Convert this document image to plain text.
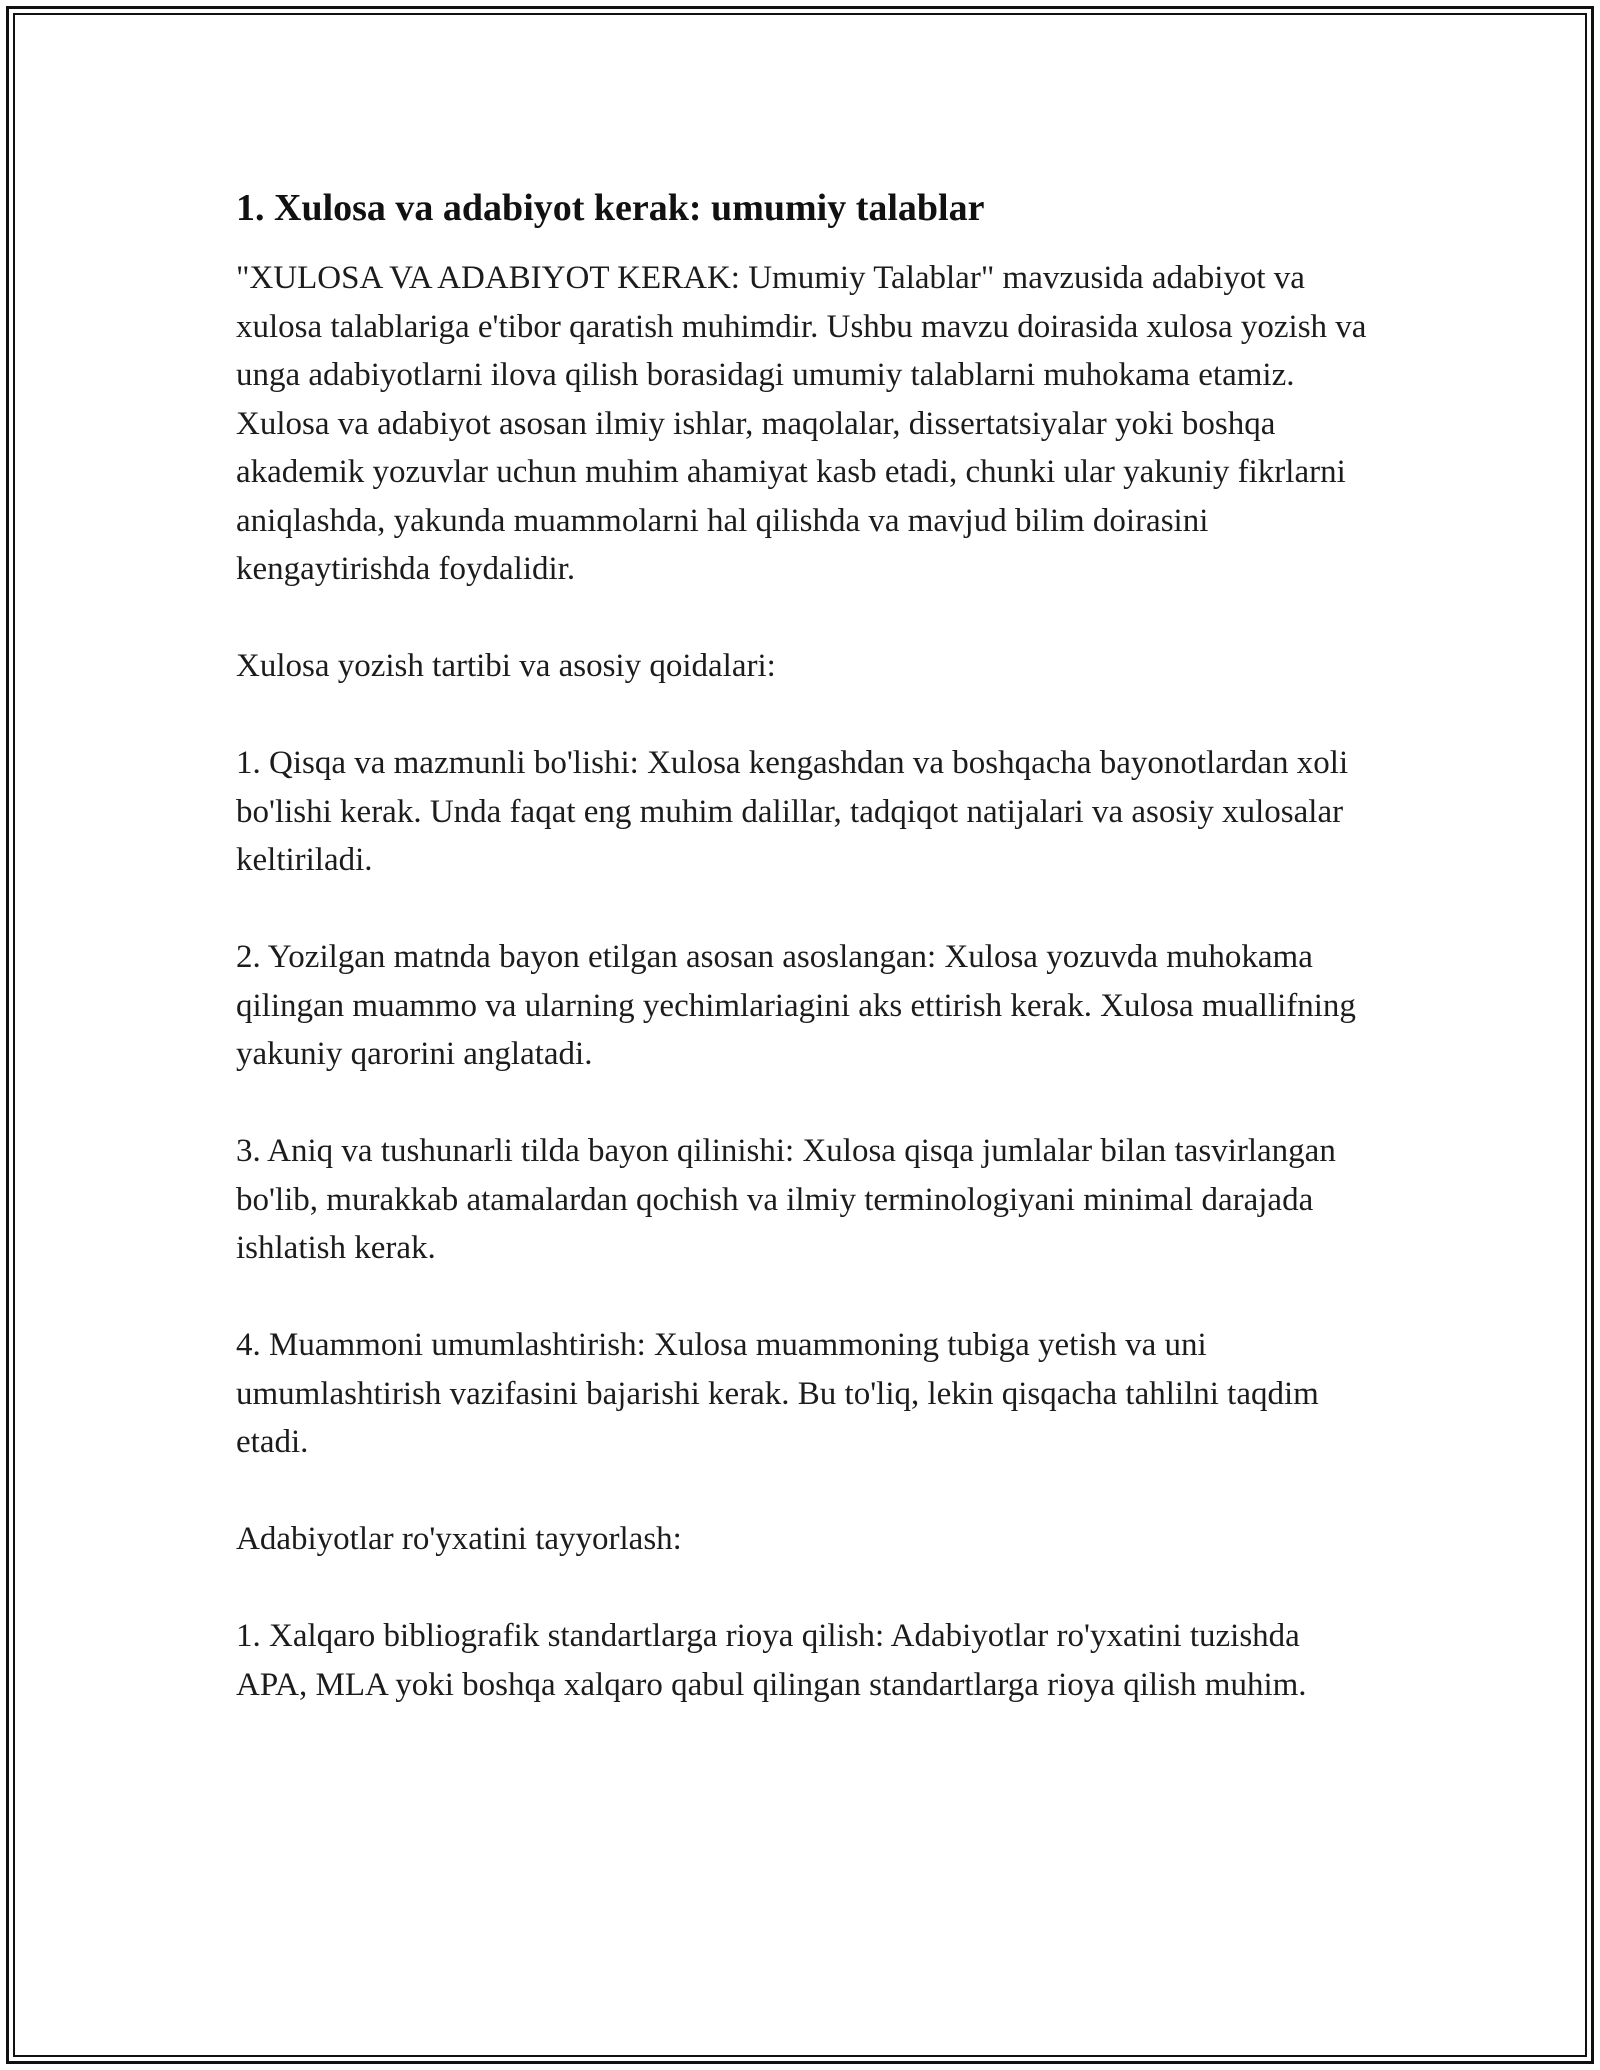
1. Xulosa va adabiyot kerak: umumiy talablar

"XULOSA VA ADABIYOT KERAK: Umumiy Talablar" mavzusida adabiyot va xulosa talablariga e'tibor qaratish muhimdir. Ushbu mavzu doirasida xulosa yozish va unga adabiyotlarni ilova qilish borasidagi umumiy talablarni muhokama etamiz. Xulosa va adabiyot asosan ilmiy ishlar, maqolalar, dissertatsiyalar yoki boshqa akademik yozuvlar uchun muhim ahamiyat kasb etadi, chunki ular yakuniy fikrlarni aniqlashda, yakunda muammolarni hal qilishda va mavjud bilim doirasini kengaytirishda foydalidir.

Xulosa yozish tartibi va asosiy qoidalari:

1. Qisqa va mazmunli bo'lishi: Xulosa kengashdan va boshqacha bayonotlardan xoli bo'lishi kerak. Unda faqat eng muhim dalillar, tadqiqot natijalari va asosiy xulosalar keltiriladi.

2. Yozilgan matnda bayon etilgan asosan asoslangan: Xulosa yozuvda muhokama qilingan muammo va ularning yechimlariagini aks ettirish kerak. Xulosa muallifning yakuniy qarorini anglatadi.

3. Aniq va tushunarli tilda bayon qilinishi: Xulosa qisqa jumlalar bilan tasvirlangan bo'lib, murakkab atamalardan qochish va ilmiy terminologiyani minimal darajada ishlatish kerak.

4. Muammoni umumlashtirish: Xulosa muammoning tubiga yetish va uni umumlashtirish vazifasini bajarishi kerak. Bu to'liq, lekin qisqacha tahlilni taqdim etadi.

Adabiyotlar ro'yxatini tayyorlash:

1. Xalqaro bibliografik standartlarga rioya qilish: Adabiyotlar ro'yxatini tuzishda APA, MLA yoki boshqa xalqaro qabul qilingan standartlarga rioya qilish muhim.
